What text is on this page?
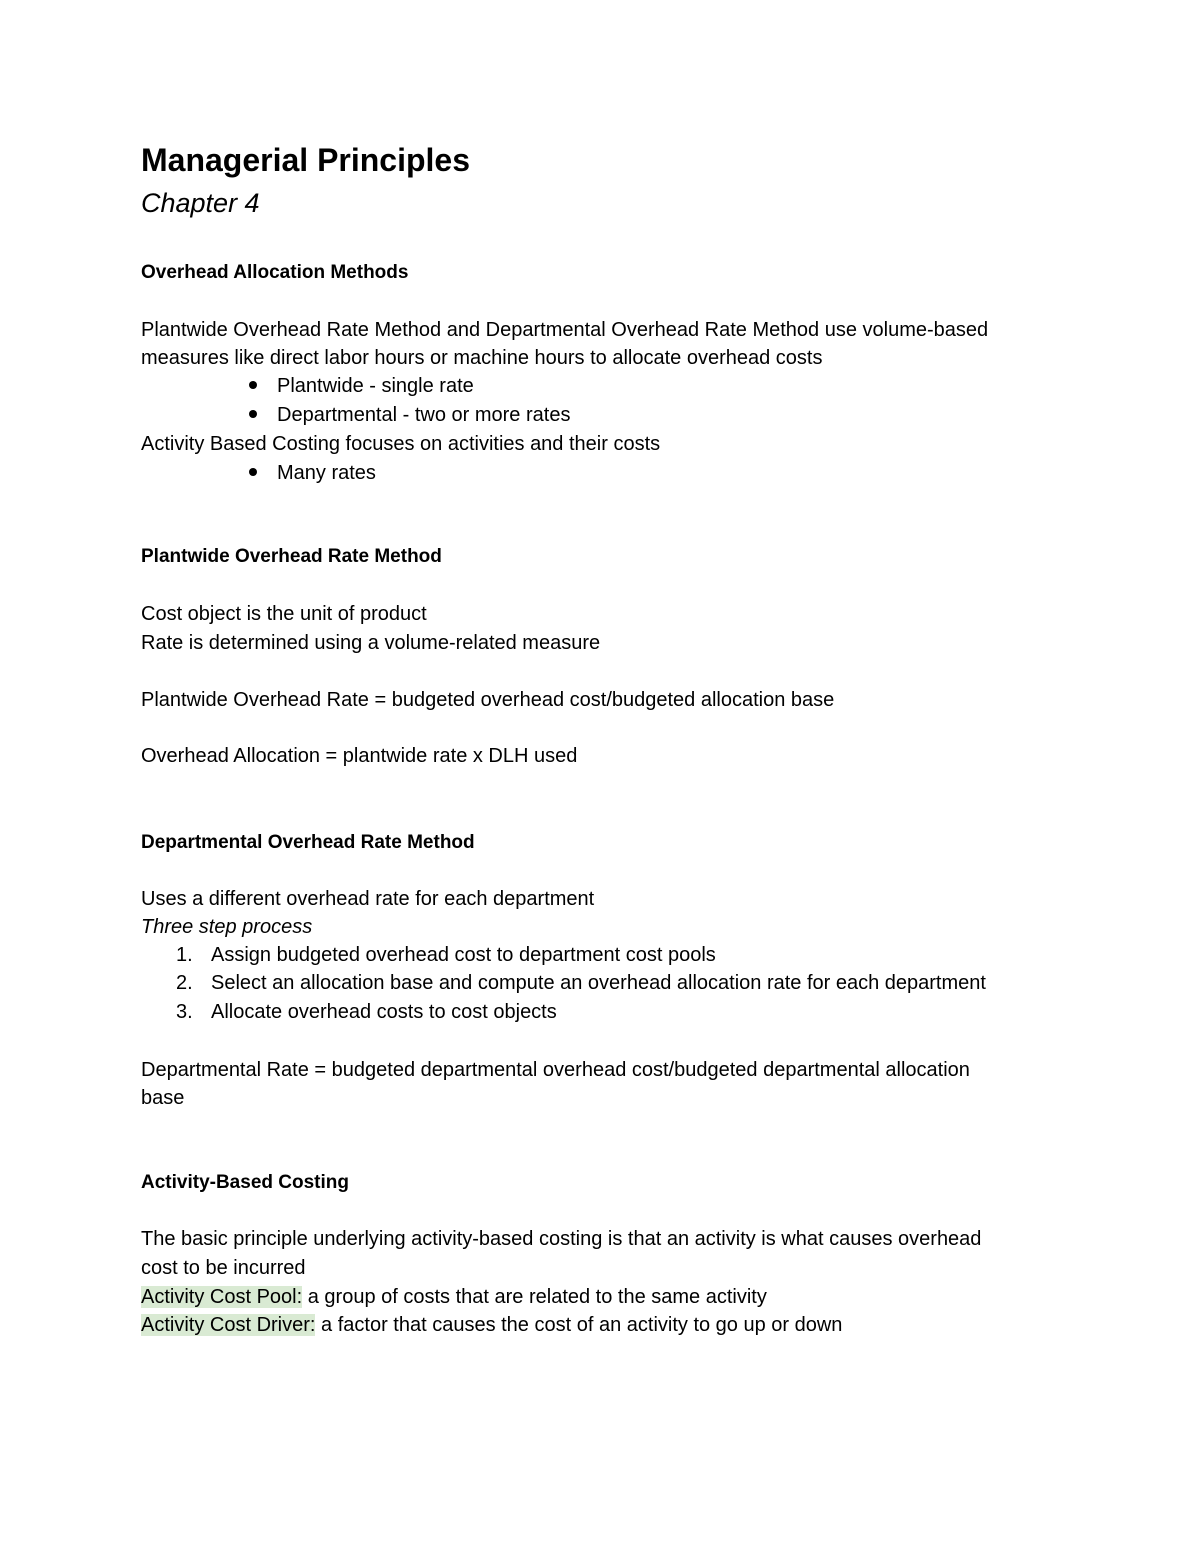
Managerial Principles
Chapter 4
Overhead Allocation Methods
Plantwide Overhead Rate Method and Departmental Overhead Rate Method use volume-based
measures like direct labor hours or machine hours to allocate overhead costs
Plantwide - single rate
Departmental - two or more rates
Activity Based Costing focuses on activities and their costs
Many rates
Plantwide Overhead Rate Method
Cost object is the unit of product
Rate is determined using a volume-related measure
Plantwide Overhead Rate = budgeted overhead cost/budgeted allocation base
Overhead Allocation = plantwide rate x DLH used
Departmental Overhead Rate Method
Uses a different overhead rate for each department
Three step process
1. Assign budgeted overhead cost to department cost pools
2. Select an allocation base and compute an overhead allocation rate for each department
3. Allocate overhead costs to cost objects
Departmental Rate = budgeted departmental overhead cost/budgeted departmental allocation
base
Activity-Based Costing
The basic principle underlying activity-based costing is that an activity is what causes overhead
cost to be incurred
Activity Cost Pool: a group of costs that are related to the same activity
Activity Cost Driver: a factor that causes the cost of an activity to go up or down
